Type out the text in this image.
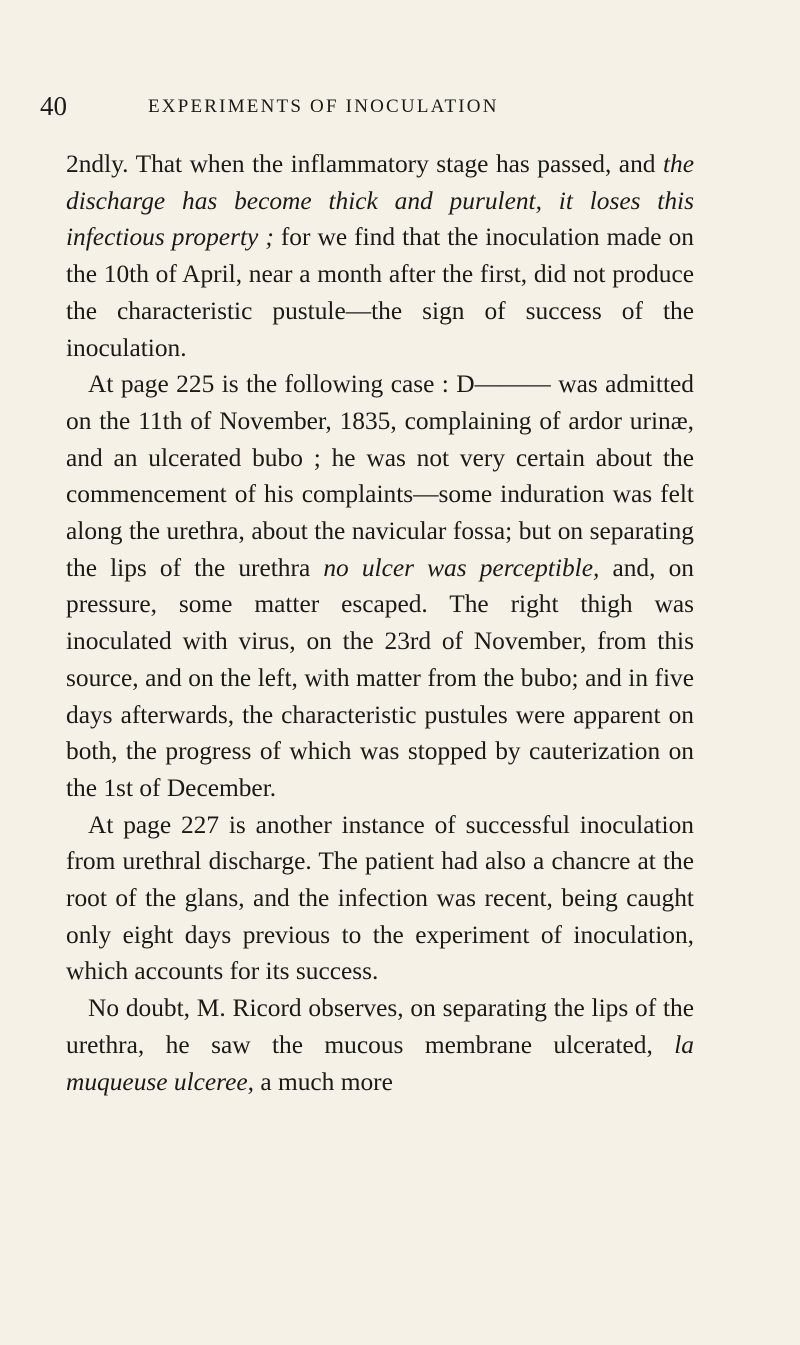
40	EXPERIMENTS OF INOCULATION

2ndly. That when the inflammatory stage has passed, and the discharge has become thick and purulent, it loses this infectious property ; for we find that the inoculation made on the 10th of April, near a month after the first, did not produce the characteristic pustule—the sign of success of the inoculation.

At page 225 is the following case : D——— was admitted on the 11th of November, 1835, complaining of ardor urinæ, and an ulcerated bubo ; he was not very certain about the commencement of his complaints—some induration was felt along the urethra, about the navicular fossa; but on separating the lips of the urethra no ulcer was perceptible, and, on pressure, some matter escaped. The right thigh was inoculated with virus, on the 23rd of November, from this source, and on the left, with matter from the bubo; and in five days afterwards, the characteristic pustules were apparent on both, the progress of which was stopped by cauterization on the 1st of December.

At page 227 is another instance of successful inoculation from urethral discharge. The patient had also a chancre at the root of the glans, and the infection was recent, being caught only eight days previous to the experiment of inoculation, which accounts for its success.

No doubt, M. Ricord observes, on separating the lips of the urethra, he saw the mucous membrane ulcerated, la muqueuse ulceree, a much more
